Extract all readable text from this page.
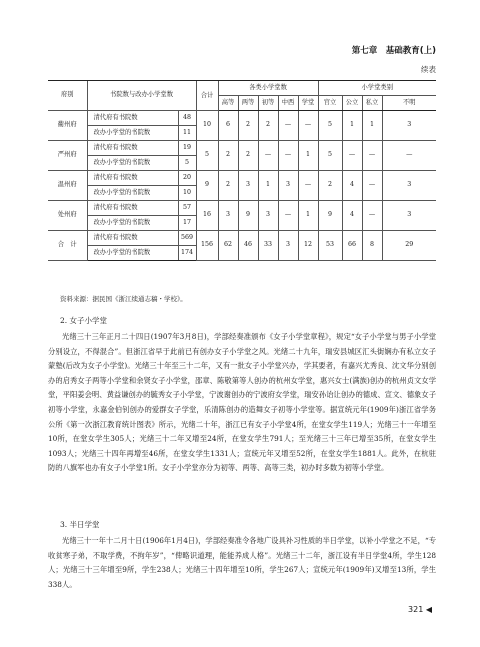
第七章　基础教育(上)
续表
府别	书院数与改办小学堂数		合计	各类小学堂数					小学堂类别			
				高等	两等	初等	中西	学堂	官立	公立	私立	不明
衢州府	清代府有书院数	48	10	6	2	2	—	—	5	1	1	3
	改办小学堂的书院数	11										
严州府	清代府有书院数	19	5	2	2	—	—	1	5	—	—	—
	改办小学堂的书院数	5										
温州府	清代府有书院数	20	9	2	3	1	3	—	2	4	—	3
	改办小学堂的书院数	10										
处州府	清代府有书院数	57	16	3	9	3	—	1	9	4	—	3
	改办小学堂的书院数	17										
合　计	清代府有书院数	569	156	62	46	33	3	12	53	66	8	29
	改办小学堂的书院数	174										
资料来源：据民国《浙江续通志稿・学校》。
2. 女子小学堂
光绪三十三年正月二十四日(1907年3月8日)，学部经奏准颁布《女子小学堂章程》，规定“女子小学堂与男子小学堂分别设立，不得混合”。但浙江省早于此前已有创办女子小学堂之风。光绪二十九年，瑞安县城区汇头街娴办有私立女子蒙塾(后改为女子小学堂)。光绪三十年至三十二年，又有一批女子小学堂兴办，学其要者，有嘉兴尤秀良、沈文华分别创办的启秀女子两等小学堂和余贤女子小学堂，邵章、陈敬第等人创办的杭州女学堂，惠兴女士(满族)创办的杭州贞文女学堂，平阳姜会明、黄益谦创办的毓秀女子小学堂，宁波谢创办的宁波府女学堂，瑞安孙诒让创办的德成、宣文、德象女子初等小学堂，永嘉金伯钊创办的爱群女子学堂，乐清陈创办的造舞女子初等小学堂等。据宣统元年(1909年)浙江省学务公所《第一次浙江教育统计图表》所示，光绪二十年，浙江已有女子小学堂4所，在堂女学生119人；光绪三十一年增至10所，在堂女学生305人；光绪三十二年又增至24所，在堂女学生791人；至光绪三十三年已增至35所，在堂女学生1093人；光绪三十四年再增至46所，在堂女学生1331人；宣统元年又增至52所，在堂女学生1881人。此外，在杭驻防的八旗军也办有女子小学堂1所。女子小学堂亦分为初等、两等、高等三类，初办时多数为初等小学堂。
3. 半日学堂
光绪三十一年十二月十日(1906年1月4日)，学部经奏准令各地广设具补习性质的半日学堂，以补小学堂之不足，“专收贫寒子弟，不取学费，不拘年岁”，“俾略识道理，能能养成人格”。光绪三十二年，浙江设有半日学堂4所，学生128人；光绪三十三年增至9所，学生238人；光绪三十四年增至10所，学生267人；宣统元年(1909年)又增至13所，学生338人。
321 ◀
